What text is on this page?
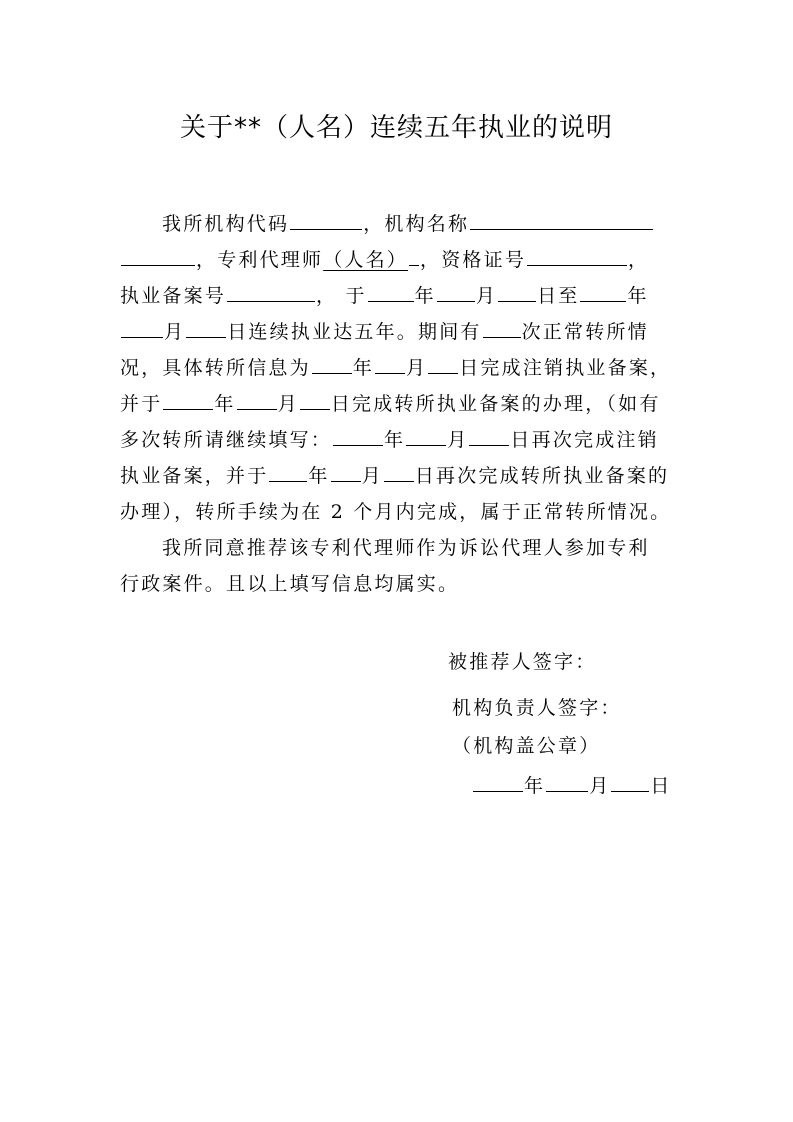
关于**（人名）连续五年执业的说明
我所机构代码	，机构名称
，专利代理师（人名） ，资格证号	，
执业备案号	， 于	年 月 日至	年
月 日连续执业达五年。期间有 次正常转所情
况，具体转所信息为 年 月 日完成注销执业备案，
并于	年 月 日完成转所执业备案的办理，（如有
多次转所请继续填写：	年 月 日再次完成注销
执业备案，并于 年 月 日再次完成转所执业备案的
办理），转所手续为在 2 个月内完成，属于正常转所情况。
我所同意推荐该专利代理师作为诉讼代理人参加专利
行政案件。且以上填写信息均属实。
被推荐人签字：
机构负责人签字：
（机构盖公章）
年 月 日
